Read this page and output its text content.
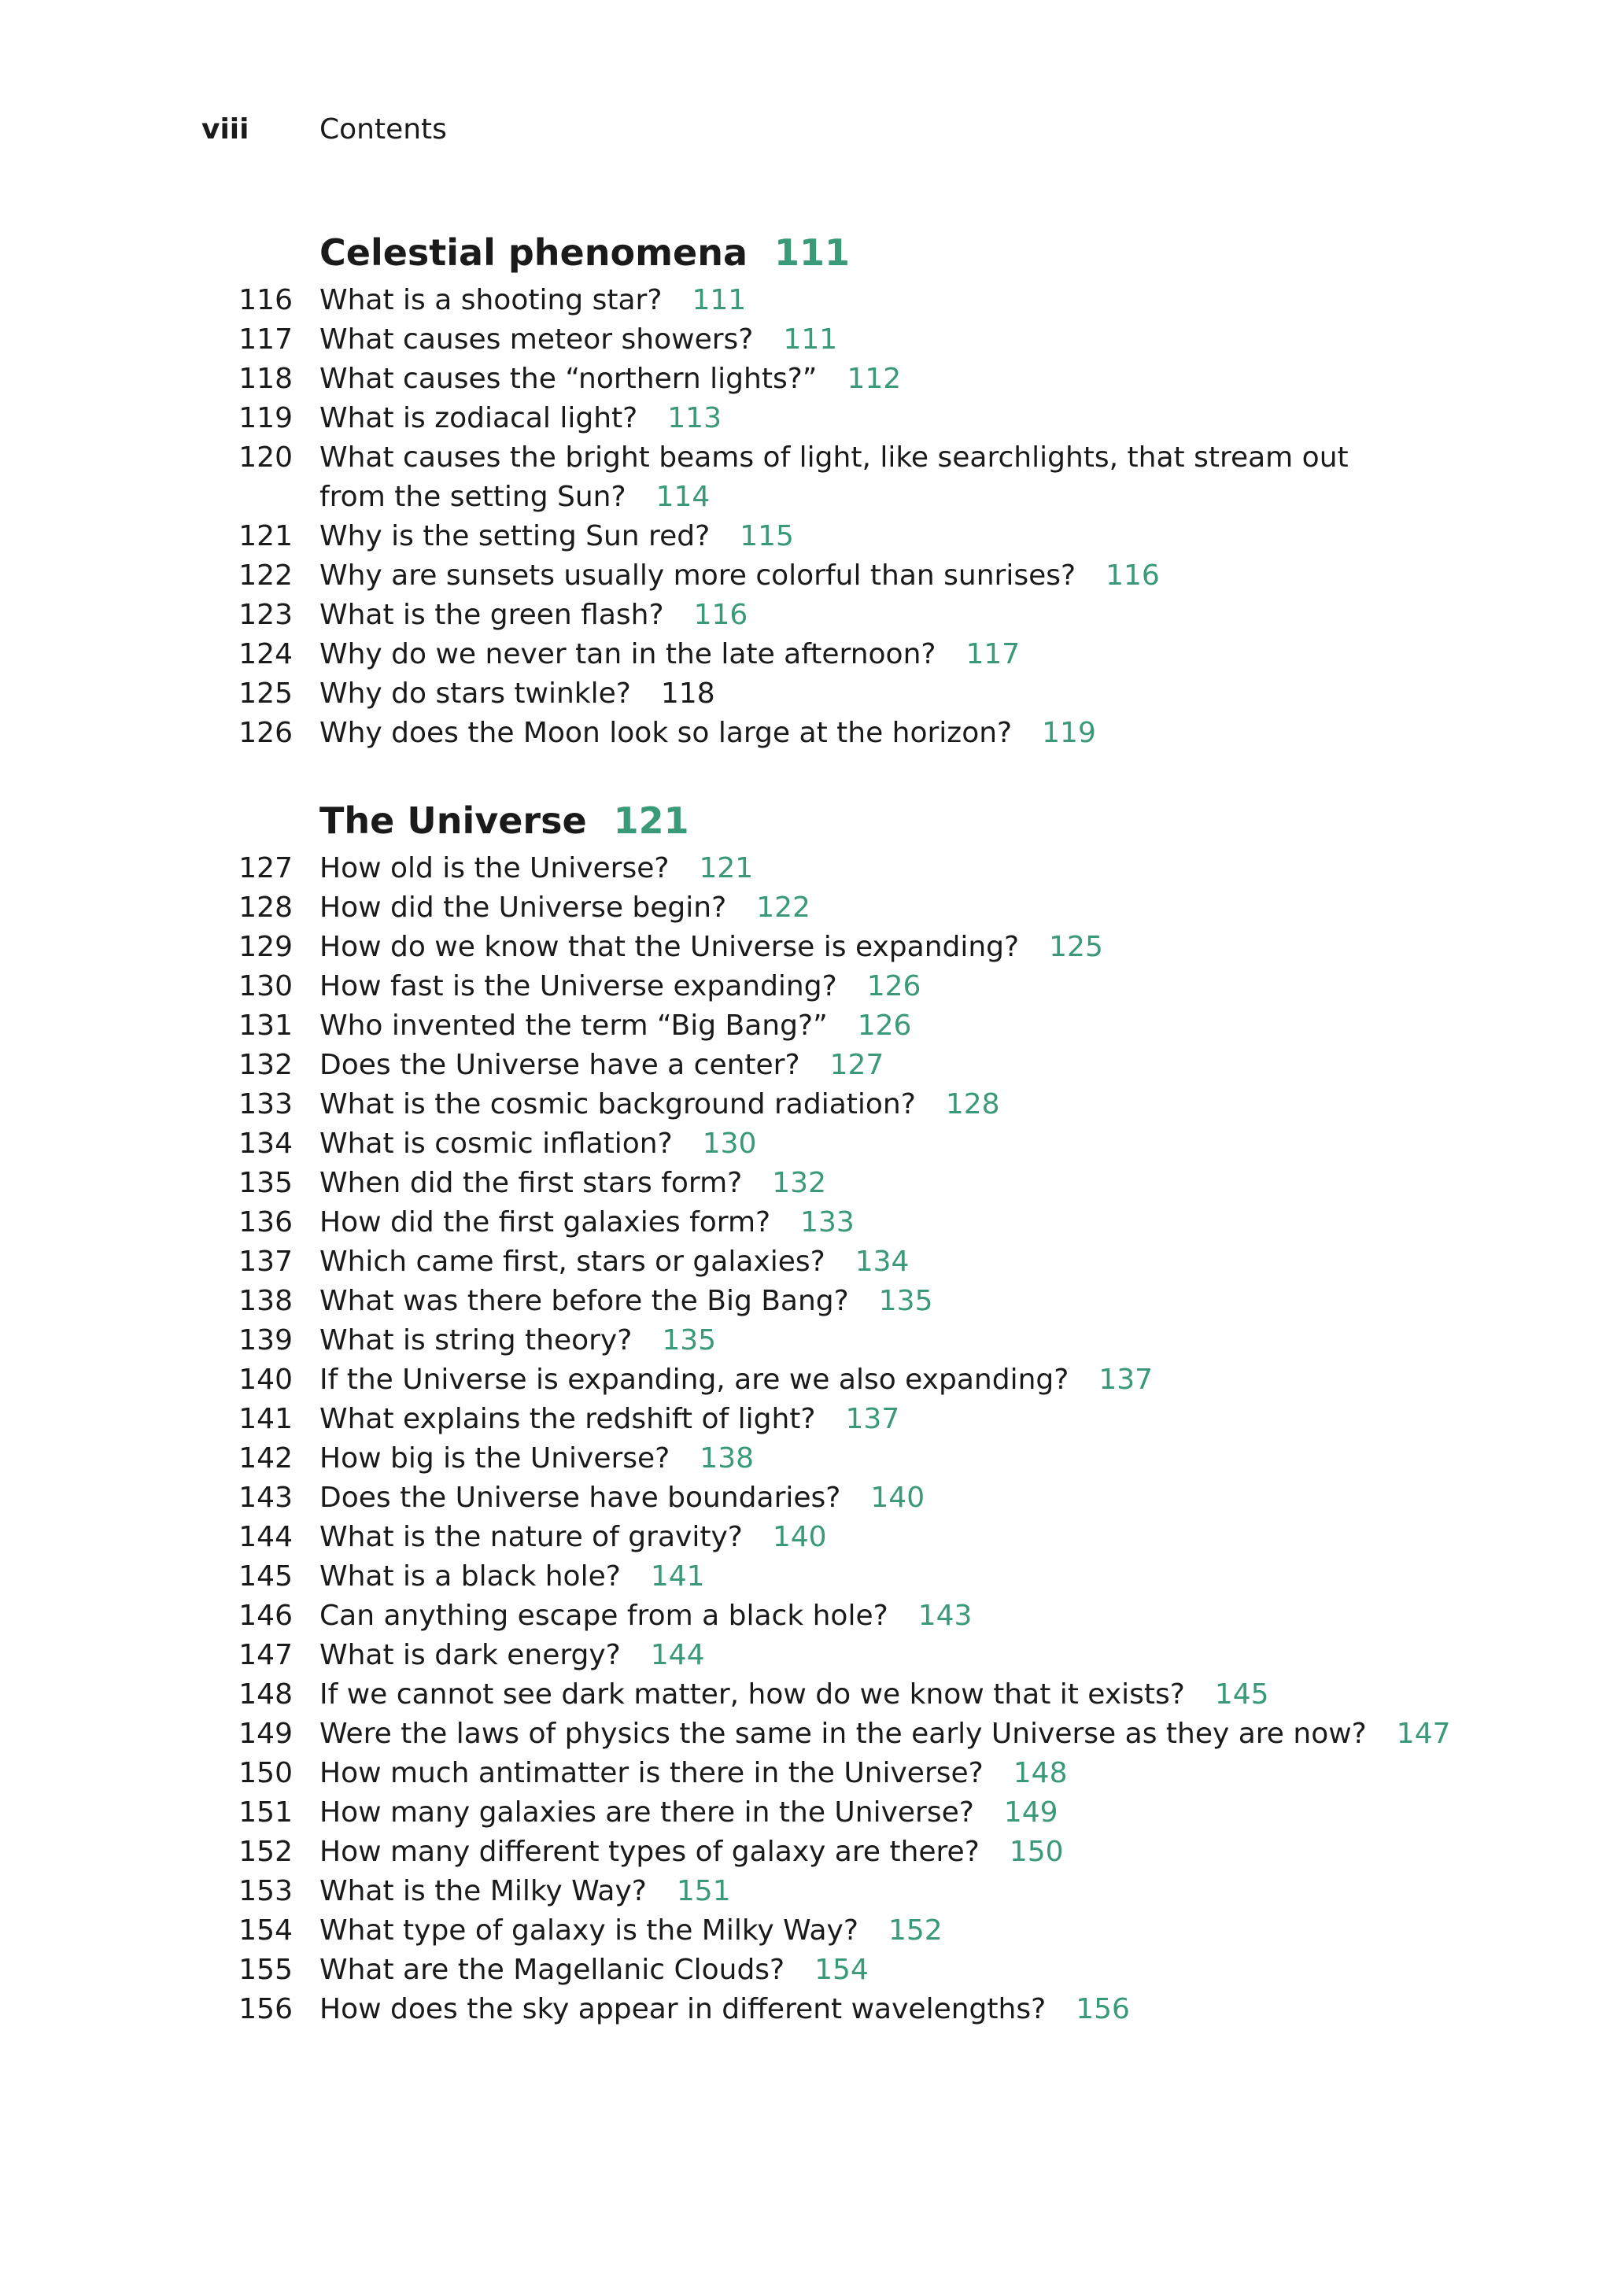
viii Contents
Celestial phenomena 111
116 What is a shooting star? 111
117 What causes meteor showers? 111
118 What causes the “northern lights?” 112
119 What is zodiacal light? 113
120 What causes the bright beams of light, like searchlights, that stream out
from the setting Sun? 114
121 Why is the setting Sun red? 115
122 Why are sunsets usually more colorful than sunrises? 116
123 What is the green flash? 116
124 Why do we never tan in the late afternoon? 117
125 Why do stars twinkle? 118
126 Why does the Moon look so large at the horizon? 119
The Universe 121
127 How old is the Universe? 121
128 How did the Universe begin? 122
129 How do we know that the Universe is expanding? 125
130 How fast is the Universe expanding? 126
131 Who invented the term “Big Bang?” 126
132 Does the Universe have a center? 127
133 What is the cosmic background radiation? 128
134 What is cosmic inflation? 130
135 When did the first stars form? 132
136 How did the first galaxies form? 133
137 Which came first, stars or galaxies? 134
138 What was there before the Big Bang? 135
139 What is string theory? 135
140 If the Universe is expanding, are we also expanding? 137
141 What explains the redshift of light? 137
142 How big is the Universe? 138
143 Does the Universe have boundaries? 140
144 What is the nature of gravity? 140
145 What is a black hole? 141
146 Can anything escape from a black hole? 143
147 What is dark energy? 144
148 If we cannot see dark matter, how do we know that it exists? 145
149 Were the laws of physics the same in the early Universe as they are now? 147
150 How much antimatter is there in the Universe? 148
151 How many galaxies are there in the Universe? 149
152 How many different types of galaxy are there? 150
153 What is the Milky Way? 151
154 What type of galaxy is the Milky Way? 152
155 What are the Magellanic Clouds? 154
156 How does the sky appear in different wavelengths? 156
